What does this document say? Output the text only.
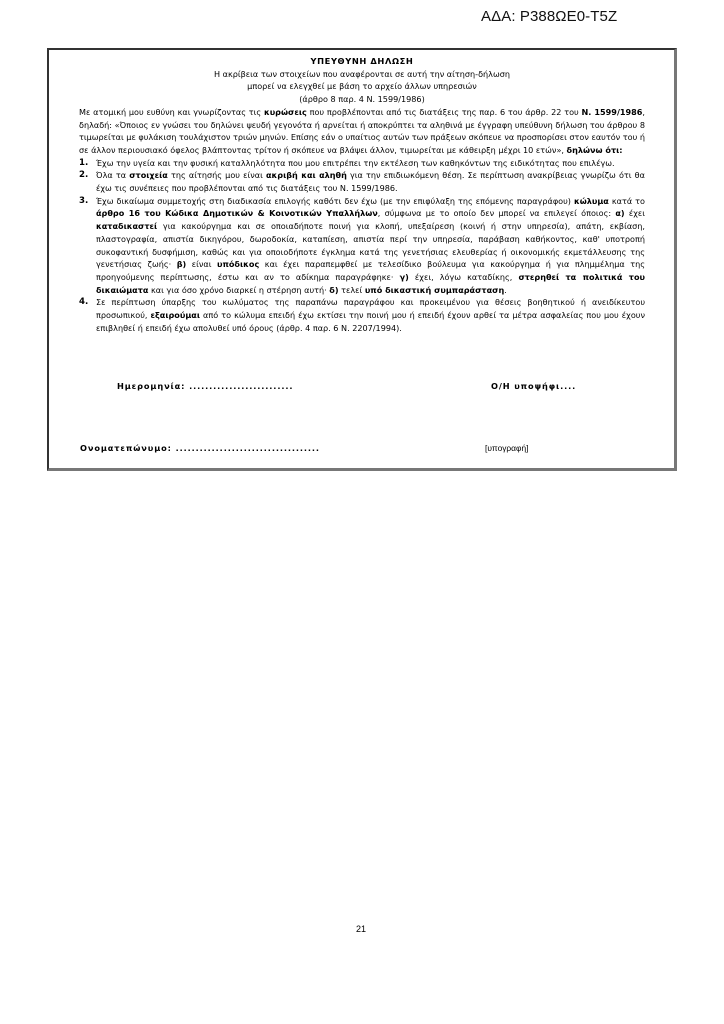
ΑΔΑ: Ρ388ΩΕ0-Τ5Ζ
ΥΠΕΥΘΥΝΗ ΔΗΛΩΣΗ
Η ακρίβεια των στοιχείων που αναφέρονται σε αυτή την αίτηση-δήλωση
μπορεί να ελεγχθεί με βάση το αρχείο άλλων υπηρεσιών
(άρθρο 8 παρ. 4 Ν. 1599/1986)
Με ατομική μου ευθύνη και γνωρίζοντας τις κυρώσεις που προβλέπονται από τις διατάξεις της παρ. 6 του άρθρ. 22 του Ν. 1599/1986, δηλαδή: «Όποιος εν γνώσει του δηλώνει ψευδή γεγονότα ή αρνείται ή αποκρύπτει τα αληθινά με έγγραφη υπεύθυνη δήλωση του άρθρου 8 τιμωρείται με φυλάκιση τουλάχιστον τριών μηνών. Επίσης εάν ο υπαίτιος αυτών των πράξεων σκόπευε να προσπορίσει στον εαυτόν του ή σε άλλον περιουσιακό όφελος βλάπτοντας τρίτον ή σκόπευε να βλάψει άλλον, τιμωρείται με κάθειρξη μέχρι 10 ετών», δηλώνω ότι:
1. Έχω την υγεία και την φυσική καταλληλότητα που μου επιτρέπει την εκτέλεση των καθηκόντων της ειδικότητας που επιλέγω.
2. Όλα τα στοιχεία της αίτησής μου είναι ακριβή και αληθή για την επιδιωκόμενη θέση. Σε περίπτωση ανακρίβειας γνωρίζω ότι θα έχω τις συνέπειες που προβλέπονται από τις διατάξεις του Ν. 1599/1986.
3. Έχω δικαίωμα συμμετοχής στη διαδικασία επιλογής καθότι δεν έχω (με την επιφύλαξη της επόμενης παραγράφου) κώλυμα κατά το άρθρο 16 του Κώδικα Δημοτικών & Κοινοτικών Υπαλλήλων, σύμφωνα με το οποίο δεν μπορεί να επιλεγεί όποιος: α) έχει καταδικαστεί για κακούργημα και σε οποιαδήποτε ποινή για κλοπή, υπεξαίρεση (κοινή ή στην υπηρεσία), απάτη, εκβίαση, πλαστογραφία, απιστία δικηγόρου, δωροδοκία, καταπίεση, απιστία περί την υπηρεσία, παράβαση καθήκοντος, καθ' υποτροπή συκοφαντική δυσφήμιση, καθώς και για οποιοδήποτε έγκλημα κατά της γενετήσιας ελευθερίας ή οικονομικής εκμετάλλευσης της γενετήσιας ζωής· β) είναι υπόδικος και έχει παραπεμφθεί με τελεσίδικο βούλευμα για κακούργημα ή για πλημμέλημα της προηγούμενης περίπτωσης, έστω και αν το αδίκημα παραγράφηκε· γ) έχει, λόγω καταδίκης, στερηθεί τα πολιτικά του δικαιώματα και για όσο χρόνο διαρκεί η στέρηση αυτή· δ) τελεί υπό δικαστική συμπαράσταση.
4. Σε περίπτωση ύπαρξης του κωλύματος της παραπάνω παραγράφου και προκειμένου για θέσεις βοηθητικού ή ανειδίκευτου προσωπικού, εξαιρούμαι από το κώλυμα επειδή έχω εκτίσει την ποινή μου ή επειδή έχουν αρθεί τα μέτρα ασφαλείας που μου έχουν επιβληθεί ή επειδή έχω απολυθεί υπό όρους (άρθρ. 4 παρ. 6 Ν. 2207/1994).
Ημερομηνία: ..........................	Ο/Η υποψήφι....
Ονοματεπώνυμο: ....................................	[υπογραφή]
21
